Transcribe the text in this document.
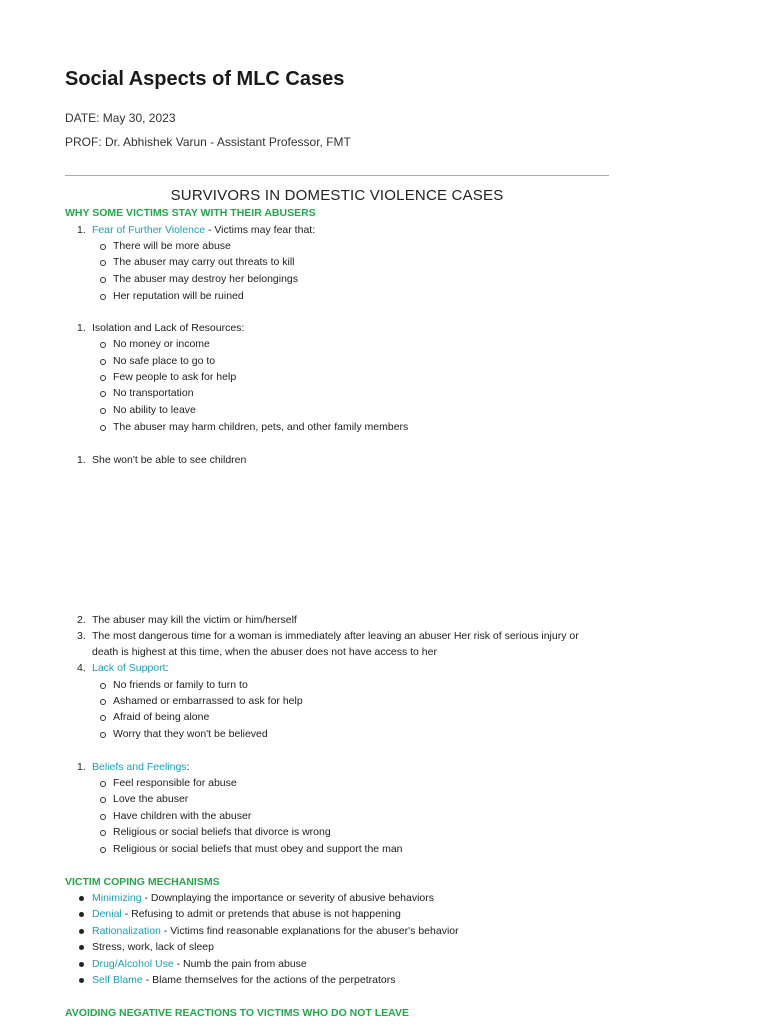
Social Aspects of MLC Cases
DATE: May 30, 2023
PROF: Dr. Abhishek Varun - Assistant Professor, FMT
SURVIVORS IN DOMESTIC VIOLENCE CASES
WHY SOME VICTIMS STAY WITH THEIR ABUSERS
1. Fear of Further Violence - Victims may fear that:
There will be more abuse
The abuser may carry out threats to kill
The abuser may destroy her belongings
Her reputation will be ruined
1. Isolation and Lack of Resources:
No money or income
No safe place to go to
Few people to ask for help
No transportation
No ability to leave
The abuser may harm children, pets, and other family members
1. She won't be able to see children
2. The abuser may kill the victim or him/herself
3. The most dangerous time for a woman is immediately after leaving an abuser Her risk of serious injury or
death is highest at this time, when the abuser does not have access to her
4. Lack of Support:
No friends or family to turn to
Ashamed or embarrassed to ask for help
Afraid of being alone
Worry that they won't be believed
1. Beliefs and Feelings:
Feel responsible for abuse
Love the abuser
Have children with the abuser
Religious or social beliefs that divorce is wrong
Religious or social beliefs that must obey and support the man
VICTIM COPING MECHANISMS
Minimizing - Downplaying the importance or severity of abusive behaviors
Denial - Refusing to admit or pretends that abuse is not happening
Rationalization - Victims find reasonable explanations for the abuser's behavior
Stress, work, lack of sleep
Drug/Alcohol Use - Numb the pain from abuse
Self Blame - Blame themselves for the actions of the perpetrators
AVOIDING NEGATIVE REACTIONS TO VICTIMS WHO DO NOT LEAVE
